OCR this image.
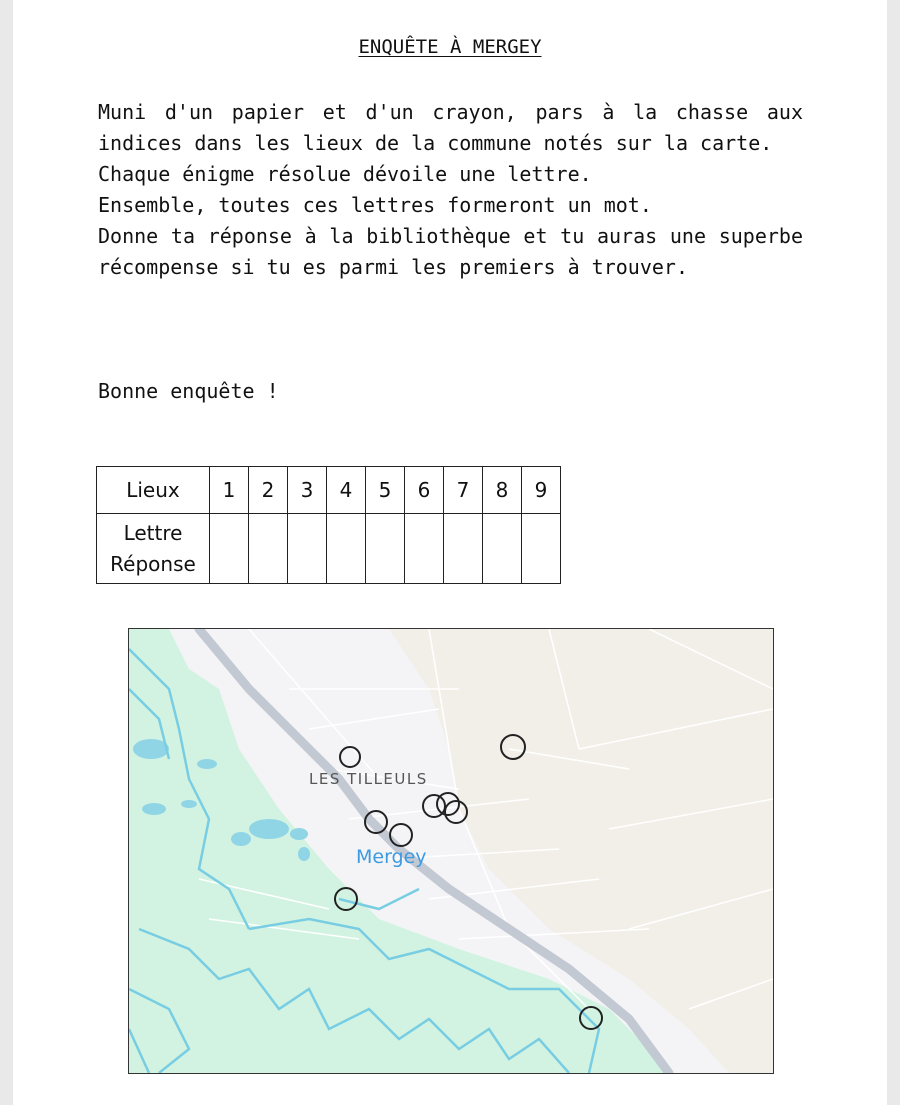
ENQUÊTE À MERGEY

Muni d'un papier et d'un crayon, pars à la chasse aux indices dans les lieux de la commune notés sur la carte.

Chaque énigme résolue dévoile une lettre.

Ensemble, toutes ces lettres formeront un mot.

Donne ta réponse à la bibliothèque et tu auras une superbe récompense si tu es parmi les premiers à trouver.

Bonne enquête !

Lieux	1	2	3	4	5	6	7	8	9
Lettre
Réponse									
LES TILLEULS
Mergey
